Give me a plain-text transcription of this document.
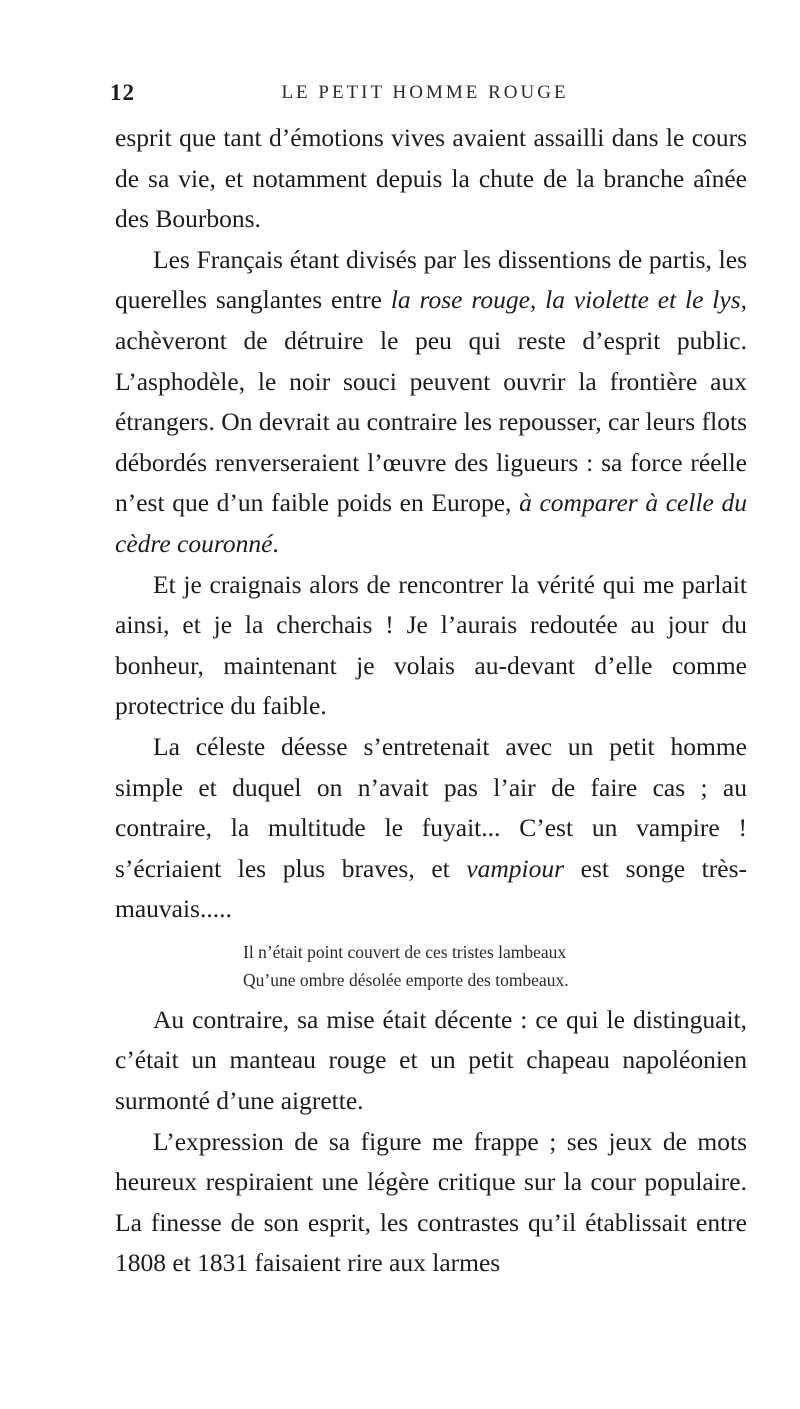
12	LE PETIT HOMME ROUGE

esprit que tant d’émotions vives avaient assailli dans le cours de sa vie, et notamment depuis la chute de la branche aînée des Bourbons.

Les Français étant divisés par les dissentions de partis, les querelles sanglantes entre la rose rouge, la violette et le lys, achèveront de détruire le peu qui reste d’esprit public. L’asphodèle, le noir souci peuvent ouvrir la frontière aux étrangers. On devrait au contraire les repousser, car leurs flots débordés renverseraient l’œuvre des ligueurs : sa force réelle n’est que d’un faible poids en Europe, à comparer à celle du cèdre couronné.

Et je craignais alors de rencontrer la vérité qui me parlait ainsi, et je la cherchais ! Je l’aurais redoutée au jour du bonheur, maintenant je volais au-devant d’elle comme protectrice du faible.

La céleste déesse s’entretenait avec un petit homme simple et duquel on n’avait pas l’air de faire cas ; au contraire, la multitude le fuyait... C’est un vampire ! s’écriaient les plus braves, et vampiour est songe très-mauvais.....

Il n’était point couvert de ces tristes lambeaux
Qu’une ombre désolée emporte des tombeaux.

Au contraire, sa mise était décente : ce qui le distinguait, c’était un manteau rouge et un petit chapeau napoléonien surmonté d’une aigrette.

L’expression de sa figure me frappe ; ses jeux de mots heureux respiraient une légère critique sur la cour populaire. La finesse de son esprit, les contrastes qu’il établissait entre 1808 et 1831 faisaient rire aux larmes
